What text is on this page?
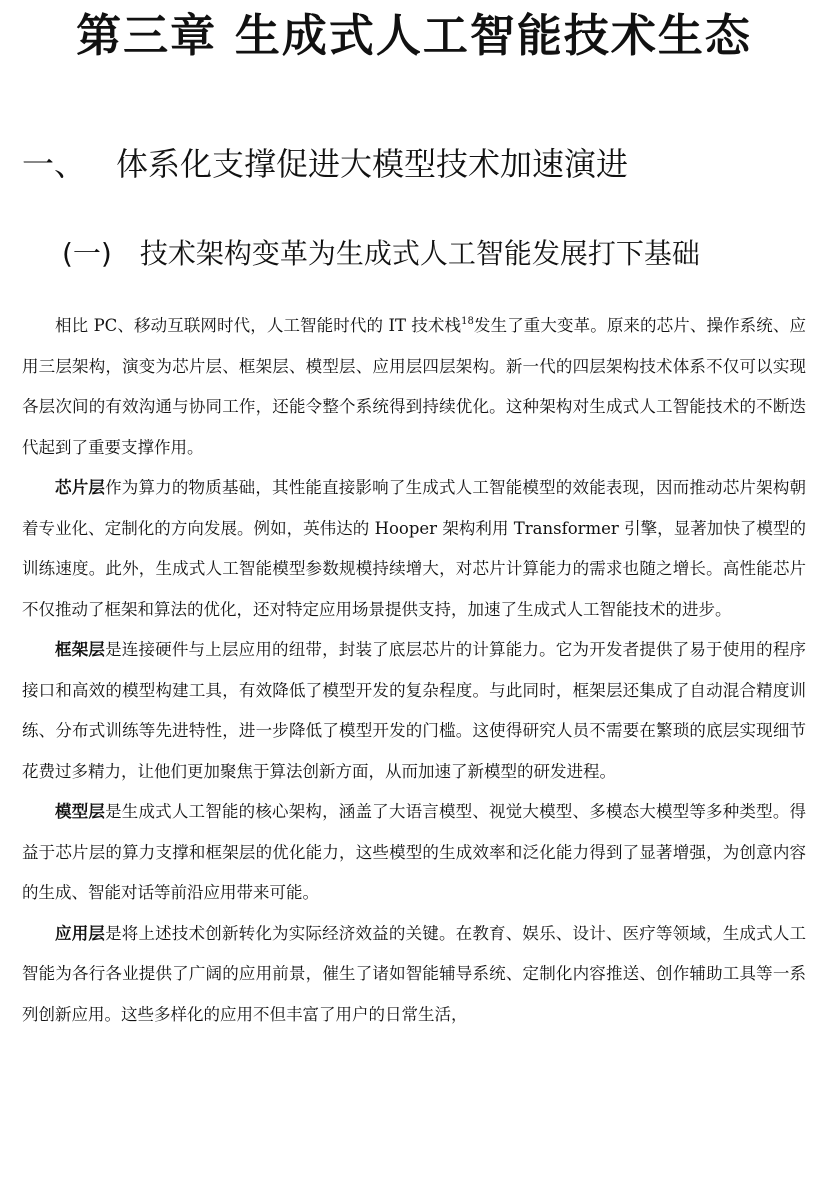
第三章 生成式人工智能技术生态
一、 体系化支撑促进大模型技术加速演进
(一) 技术架构变革为生成式人工智能发展打下基础

相比 PC、移动互联网时代，人工智能时代的 IT 技术栈$^{18}$发生了重大变革。原来的芯片、操作系统、应用三层架构，演变为芯片层、框架层、模型层、应用层四层架构。新一代的四层架构技术体系不仅可以实现各层次间的有效沟通与协同工作，还能令整个系统得到持续优化。这种架构对生成式人工智能技术的不断迭代起到了重要支撑作用。

芯片层作为算力的物质基础，其性能直接影响了生成式人工智能模型的效能表现，因而推动芯片架构朝着专业化、定制化的方向发展。例如，英伟达的 Hooper 架构利用 Transformer 引擎，显著加快了模型的训练速度。此外，生成式人工智能模型参数规模持续增大，对芯片计算能力的需求也随之增长。高性能芯片不仅推动了框架和算法的优化，还对特定应用场景提供支持，加速了生成式人工智能技术的进步。

框架层是连接硬件与上层应用的纽带，封装了底层芯片的计算能力。它为开发者提供了易于使用的程序接口和高效的模型构建工具，有效降低了模型开发的复杂程度。与此同时，框架层还集成了自动混合精度训练、分布式训练等先进特性，进一步降低了模型开发的门槛。这使得研究人员不需要在繁琐的底层实现细节花费过多精力，让他们更加聚焦于算法创新方面，从而加速了新模型的研发进程。

模型层是生成式人工智能的核心架构，涵盖了大语言模型、视觉大模型、多模态大模型等多种类型。得益于芯片层的算力支撑和框架层的优化能力，这些模型的生成效率和泛化能力得到了显著增强，为创意内容的生成、智能对话等前沿应用带来可能。

应用层是将上述技术创新转化为实际经济效益的关键。在教育、娱乐、设计、医疗等领域，生成式人工智能为各行各业提供了广阔的应用前景，催生了诸如智能辅导系统、定制化内容推送、创作辅助工具等一系列创新应用。这些多样化的应用不但丰富了用户的日常生活，
